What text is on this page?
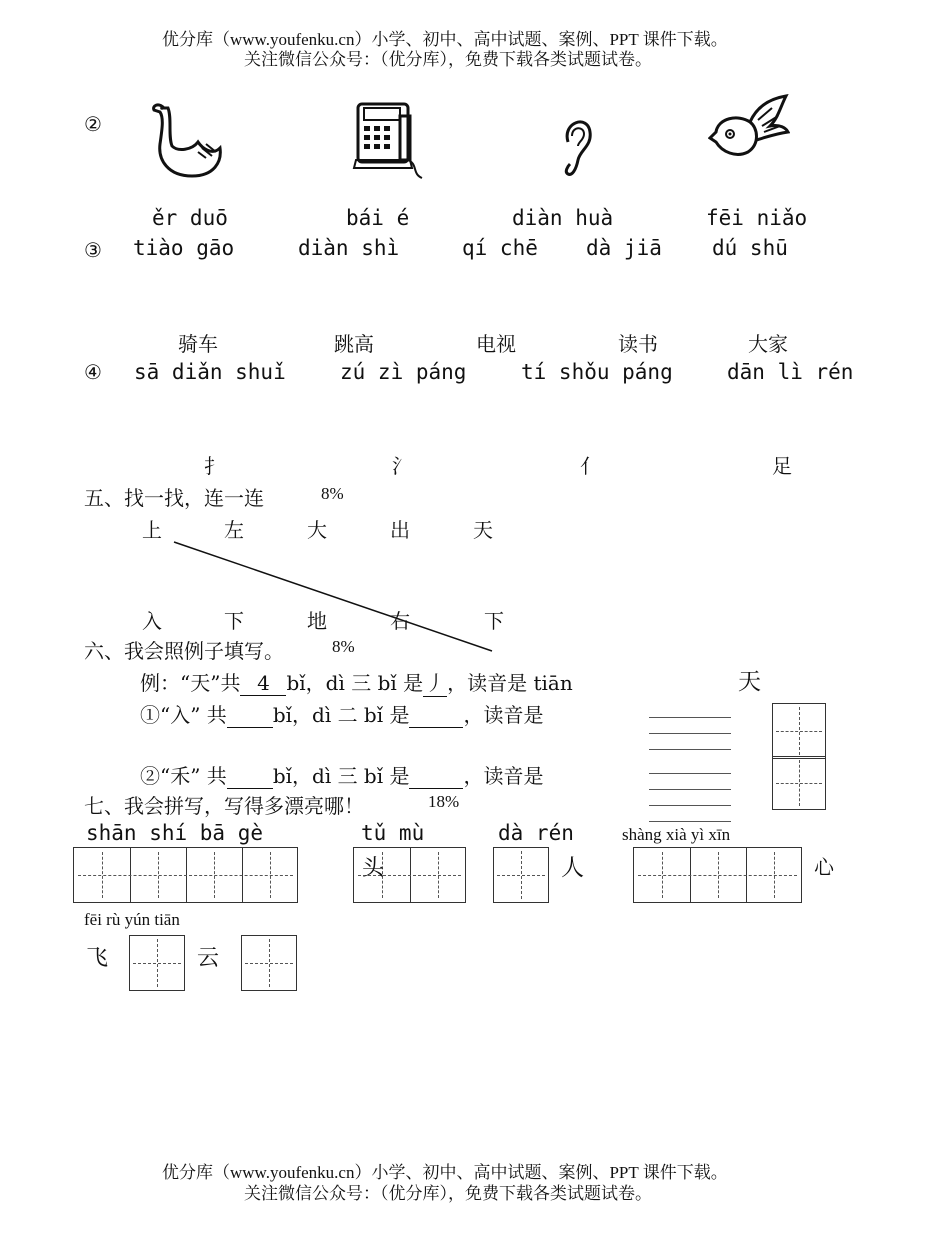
优分库（www.youfenku.cn）小学、初中、高中试题、案例、PPT 课件下载。
关注微信公众号：（优分库），免费下载各类试题试卷。
②
ěr duō	bái é	diàn huà	fēi niǎo
③ tiào gāo	diàn shì	qí chē dà jiā dú shū
骑车	跳高	电视	读书	大家
④ sā diǎn shuǐ	zú zì páng	tí shǒu páng	dān lì rén
扌	氵	亻	足
五、找一找，连一连	8%
上	左	大	出	天
入	下	地	右	下
六、我会照例子填写。	8%
例：“天”共 4 bǐ，dì 三 bǐ 是 丿 ，读音是 tiān	天
①“入” 共 bǐ，dì 二 bǐ 是	，读音是
②“禾” 共 bǐ，dì 三 bǐ 是	，读音是
七、我会拼写，写得多漂亮哪！	18%
shān shí bā gè	tǔ mù	dà rén	shàng xià yì xīn
头	人	心
fēi rù yún tiān
飞	云
优分库（www.youfenku.cn）小学、初中、高中试题、案例、PPT 课件下载。
关注微信公众号：（优分库），免费下载各类试题试卷。
